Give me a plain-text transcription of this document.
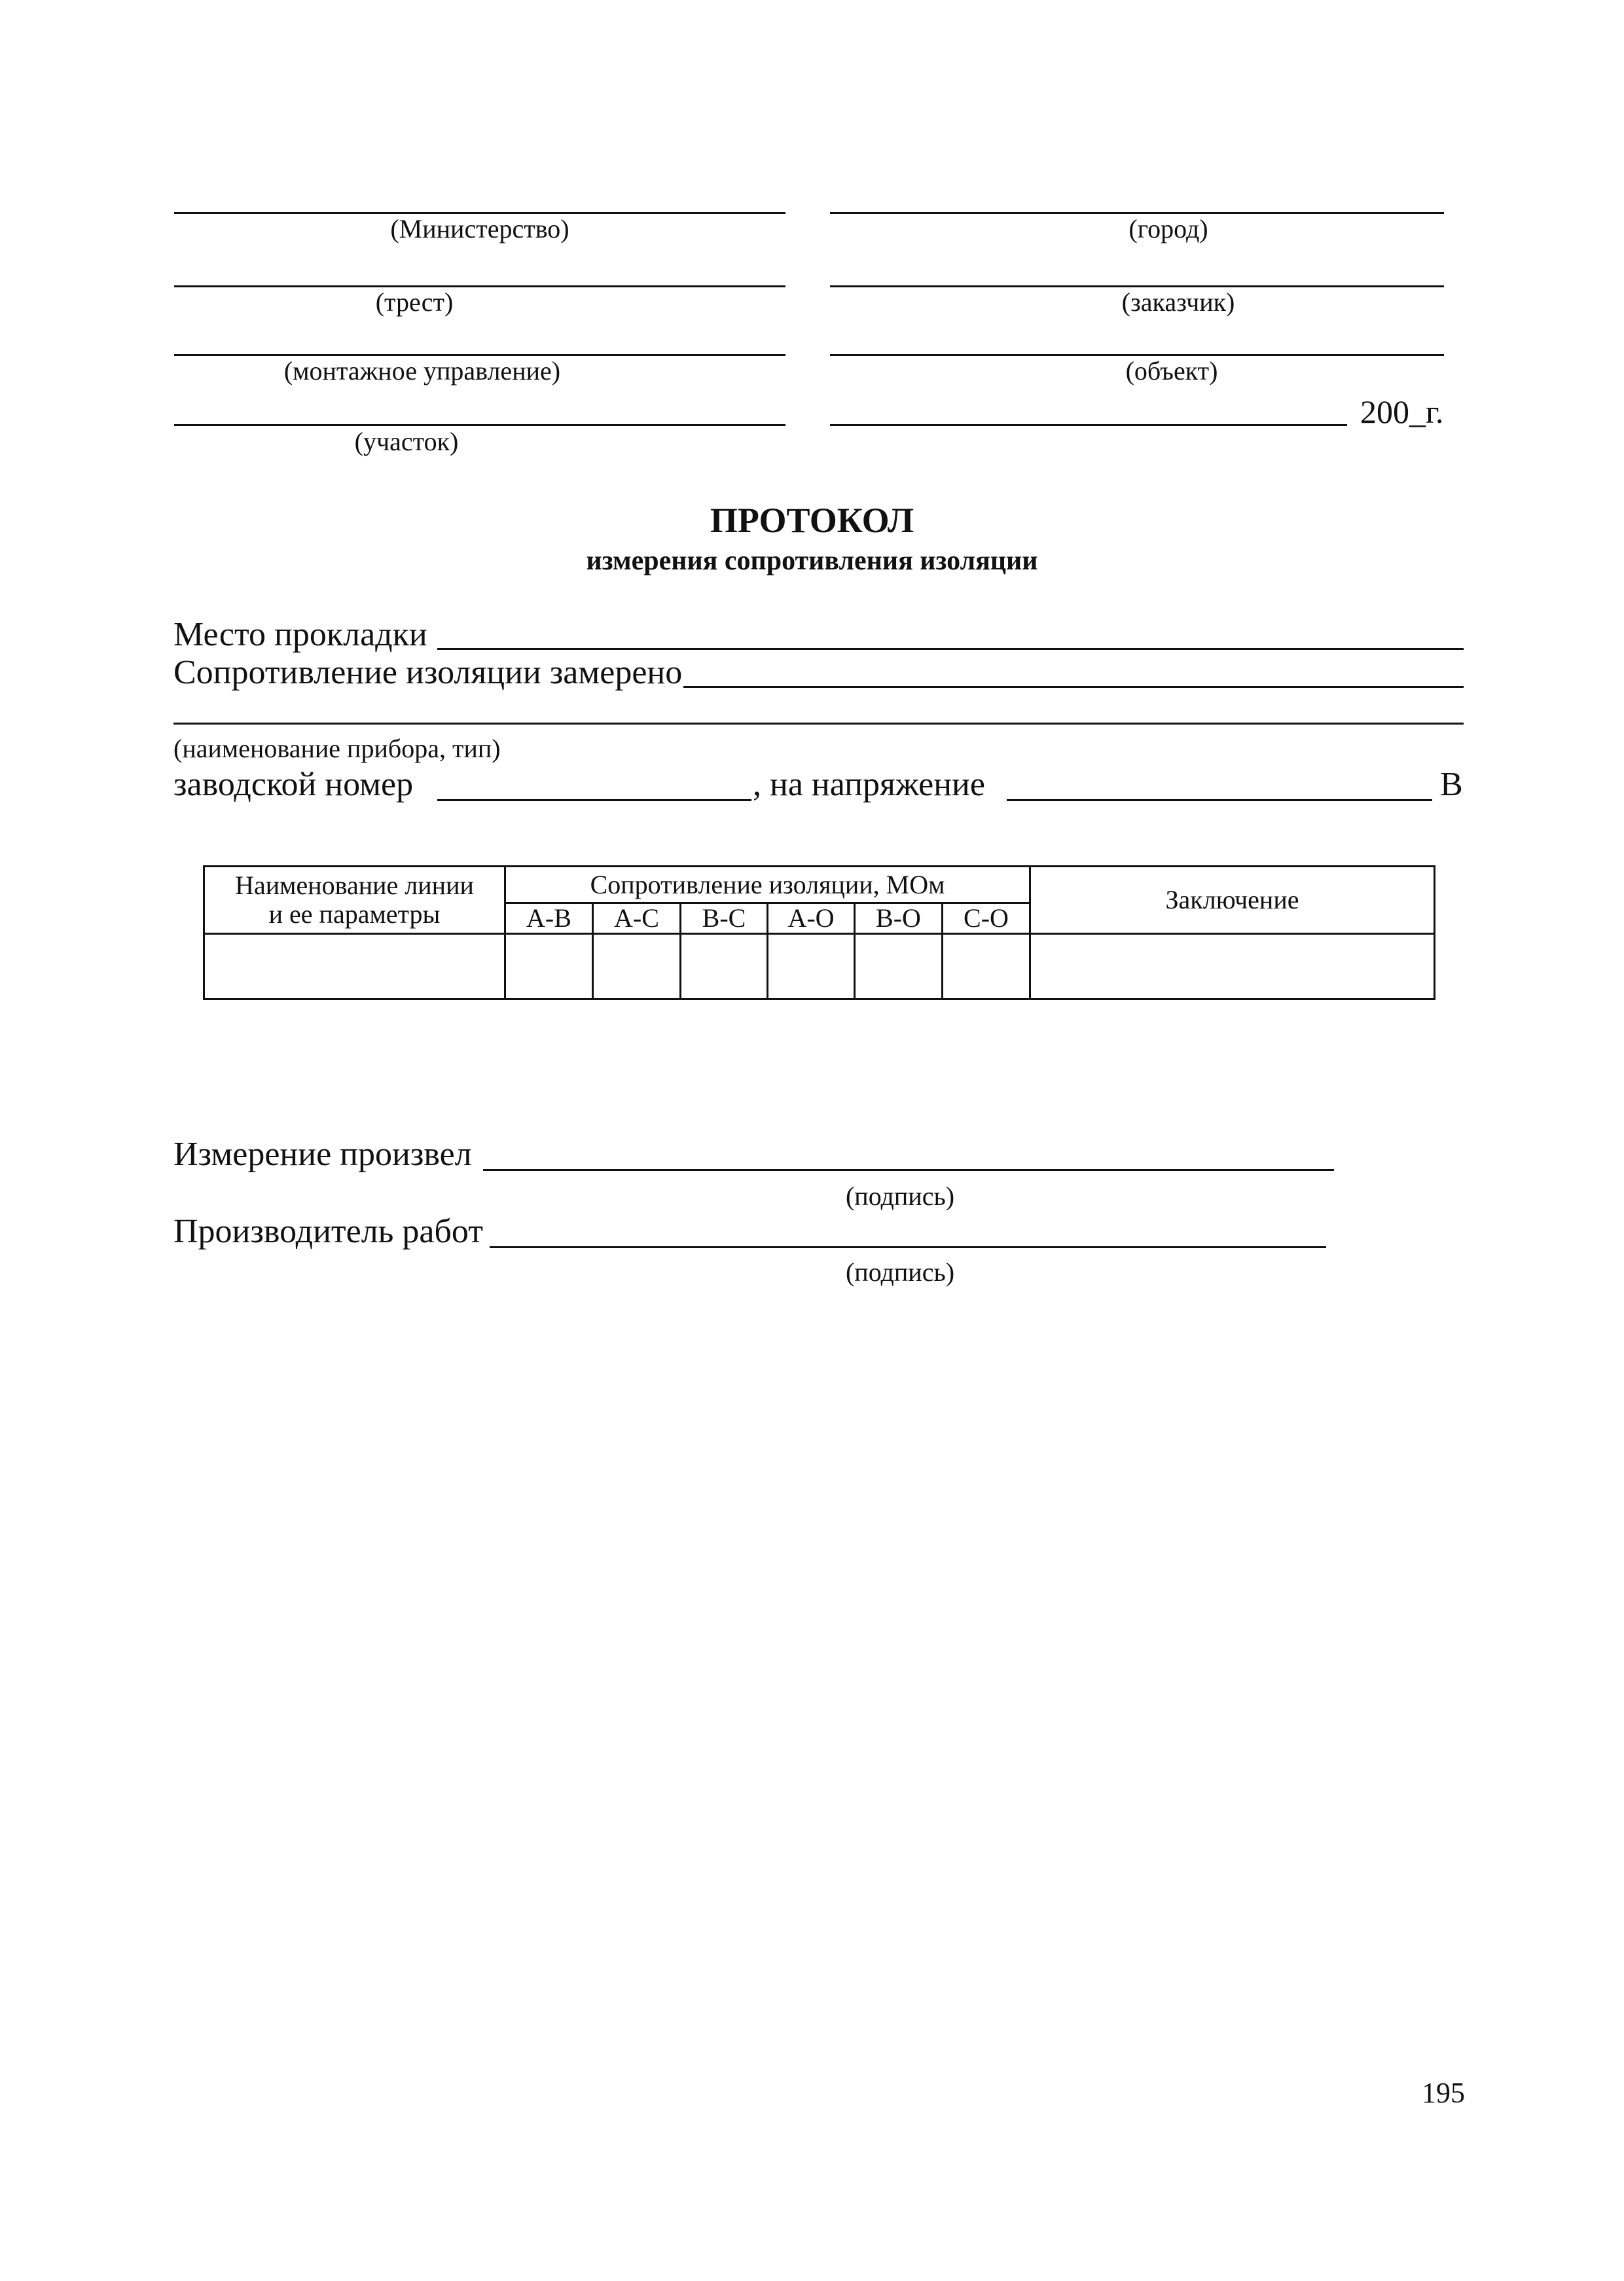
(Министерство)
(трест)
(монтажное управление)
(участок)
(город)
(заказчик)
(объект)
200_г.
ПРОТОКОЛ
измерения сопротивления изоляции
Место прокладки
Сопротивление изоляции замерено
(наименование прибора, тип)
заводской номер	, на напряжение	В
Наименование линии
и ее параметры	Сопротивление изоляции, МОм						Заключение
	А-В	А-С	В-С	А-О	В-О	С-О	

Измерение произвел
(подпись)
Производитель работ
(подпись)
195
